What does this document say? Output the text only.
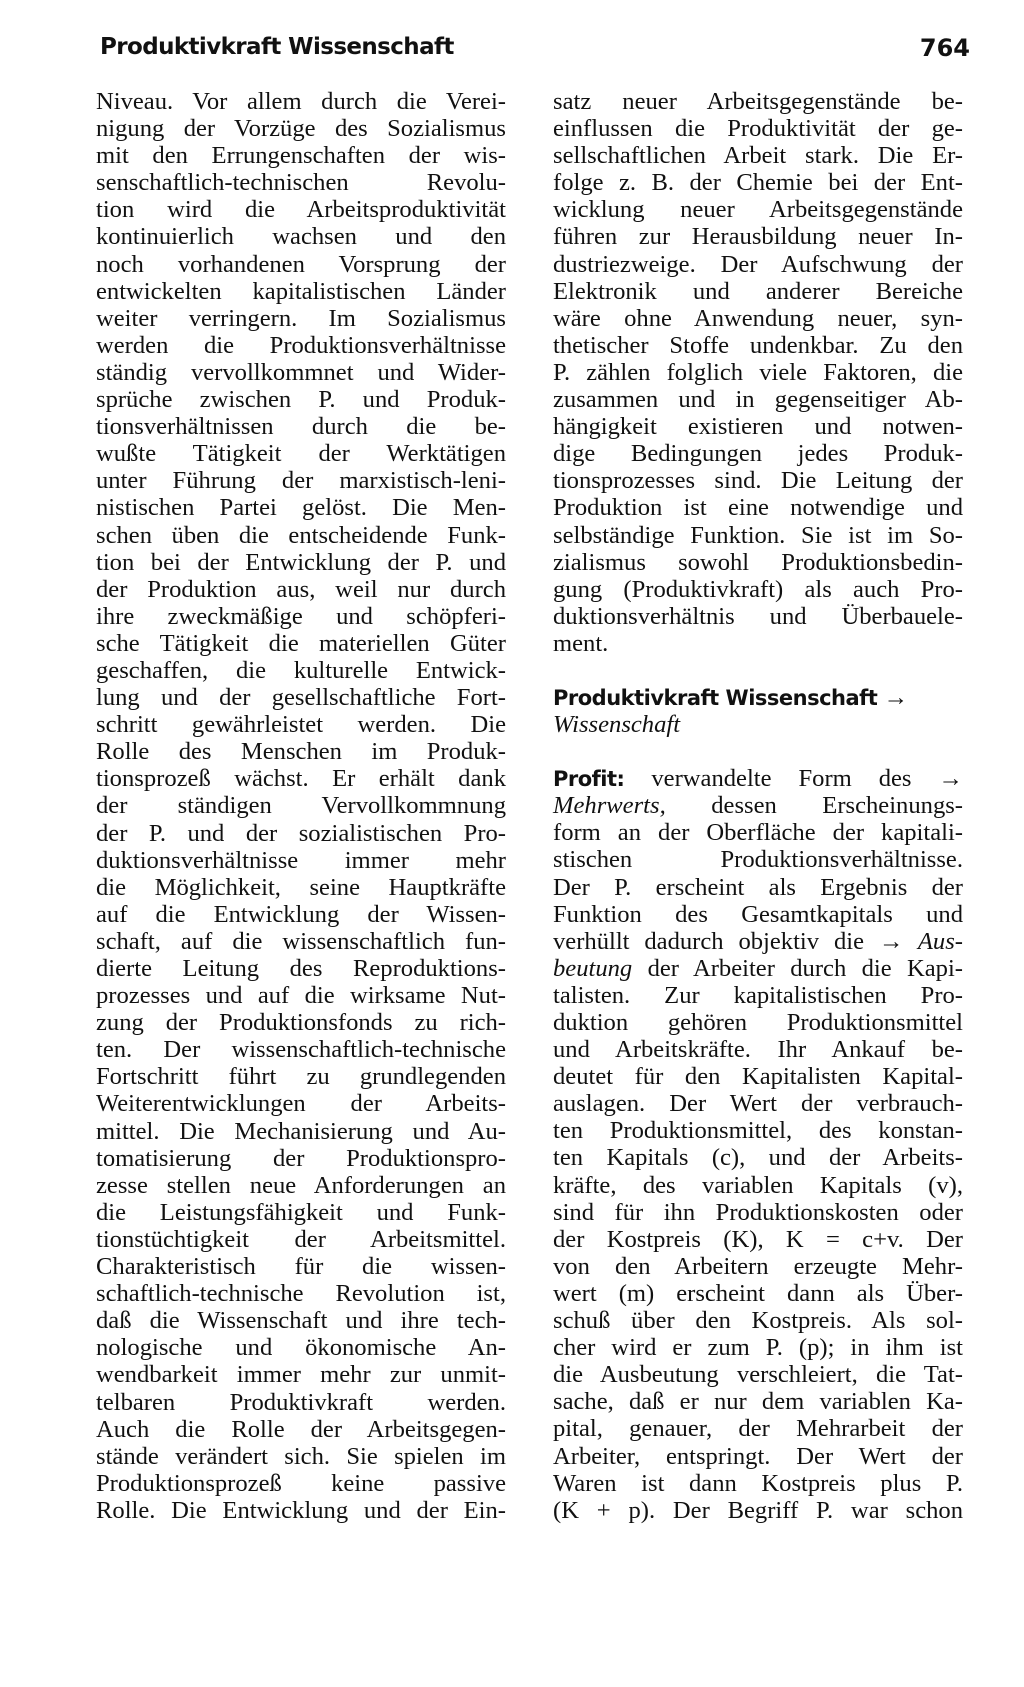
Produktivkraft Wissenschaft	764
Niveau. Vor allem durch die Verei-
nigung der Vorzüge des Sozialismus
mit den Errungenschaften der wis-
senschaftlich-technischen Revolu-
tion wird die Arbeitsproduktivität
kontinuierlich wachsen und den
noch vorhandenen Vorsprung der
entwickelten kapitalistischen Länder
weiter verringern. Im Sozialismus
werden die Produktionsverhältnisse
ständig vervollkommnet und Wider-
sprüche zwischen P. und Produk-
tionsverhältnissen durch die be-
wußte Tätigkeit der Werktätigen
unter Führung der marxistisch-leni-
nistischen Partei gelöst. Die Men-
schen üben die entscheidende Funk-
tion bei der Entwicklung der P. und
der Produktion aus, weil nur durch
ihre zweckmäßige und schöpferi-
sche Tätigkeit die materiellen Güter
geschaffen, die kulturelle Entwick-
lung und der gesellschaftliche Fort-
schritt gewährleistet werden. Die
Rolle des Menschen im Produk-
tionsprozeß wächst. Er erhält dank
der ständigen Vervollkommnung
der P. und der sozialistischen Pro-
duktionsverhältnisse immer mehr
die Möglichkeit, seine Hauptkräfte
auf die Entwicklung der Wissen-
schaft, auf die wissenschaftlich fun-
dierte Leitung des Reproduktions-
prozesses und auf die wirksame Nut-
zung der Produktionsfonds zu rich-
ten. Der wissenschaftlich-technische
Fortschritt führt zu grundlegenden
Weiterentwicklungen der Arbeits-
mittel. Die Mechanisierung und Au-
tomatisierung der Produktionspro-
zesse stellen neue Anforderungen an
die Leistungsfähigkeit und Funk-
tionstüchtigkeit der Arbeitsmittel.
Charakteristisch für die wissen-
schaftlich-technische Revolution ist,
daß die Wissenschaft und ihre tech-
nologische und ökonomische An-
wendbarkeit immer mehr zur unmit-
telbaren Produktivkraft werden.
Auch die Rolle der Arbeitsgegen-
stände verändert sich. Sie spielen im
Produktionsprozeß keine passive
Rolle. Die Entwicklung und der Ein-
satz neuer Arbeitsgegenstände be-
einflussen die Produktivität der ge-
sellschaftlichen Arbeit stark. Die Er-
folge z. B. der Chemie bei der Ent-
wicklung neuer Arbeitsgegenstände
führen zur Herausbildung neuer In-
dustriezweige. Der Aufschwung der
Elektronik und anderer Bereiche
wäre ohne Anwendung neuer, syn-
thetischer Stoffe undenkbar. Zu den
P. zählen folglich viele Faktoren, die
zusammen und in gegenseitiger Ab-
hängigkeit existieren und notwen-
dige Bedingungen jedes Produk-
tionsprozesses sind. Die Leitung der
Produktion ist eine notwendige und
selbständige Funktion. Sie ist im So-
zialismus sowohl Produktionsbedin-
gung (Produktivkraft) als auch Pro-
duktionsverhältnis und Überbauele-
ment.
Produktivkraft Wissenschaft →
Wissenschaft
Profit: verwandelte Form des →
Mehrwerts, dessen Erscheinungs-
form an der Oberfläche der kapitali-
stischen Produktionsverhältnisse.
Der P. erscheint als Ergebnis der
Funktion des Gesamtkapitals und
verhüllt dadurch objektiv die → Aus-
beutung der Arbeiter durch die Kapi-
talisten. Zur kapitalistischen Pro-
duktion gehören Produktionsmittel
und Arbeitskräfte. Ihr Ankauf be-
deutet für den Kapitalisten Kapital-
auslagen. Der Wert der verbrauch-
ten Produktionsmittel, des konstan-
ten Kapitals (c), und der Arbeits-
kräfte, des variablen Kapitals (v),
sind für ihn Produktionskosten oder
der Kostpreis (K), K = c+v. Der
von den Arbeitern erzeugte Mehr-
wert (m) erscheint dann als Über-
schuß über den Kostpreis. Als sol-
cher wird er zum P. (p); in ihm ist
die Ausbeutung verschleiert, die Tat-
sache, daß er nur dem variablen Ka-
pital, genauer, der Mehrarbeit der
Arbeiter, entspringt. Der Wert der
Waren ist dann Kostpreis plus P.
(K + p). Der Begriff P. war schon
